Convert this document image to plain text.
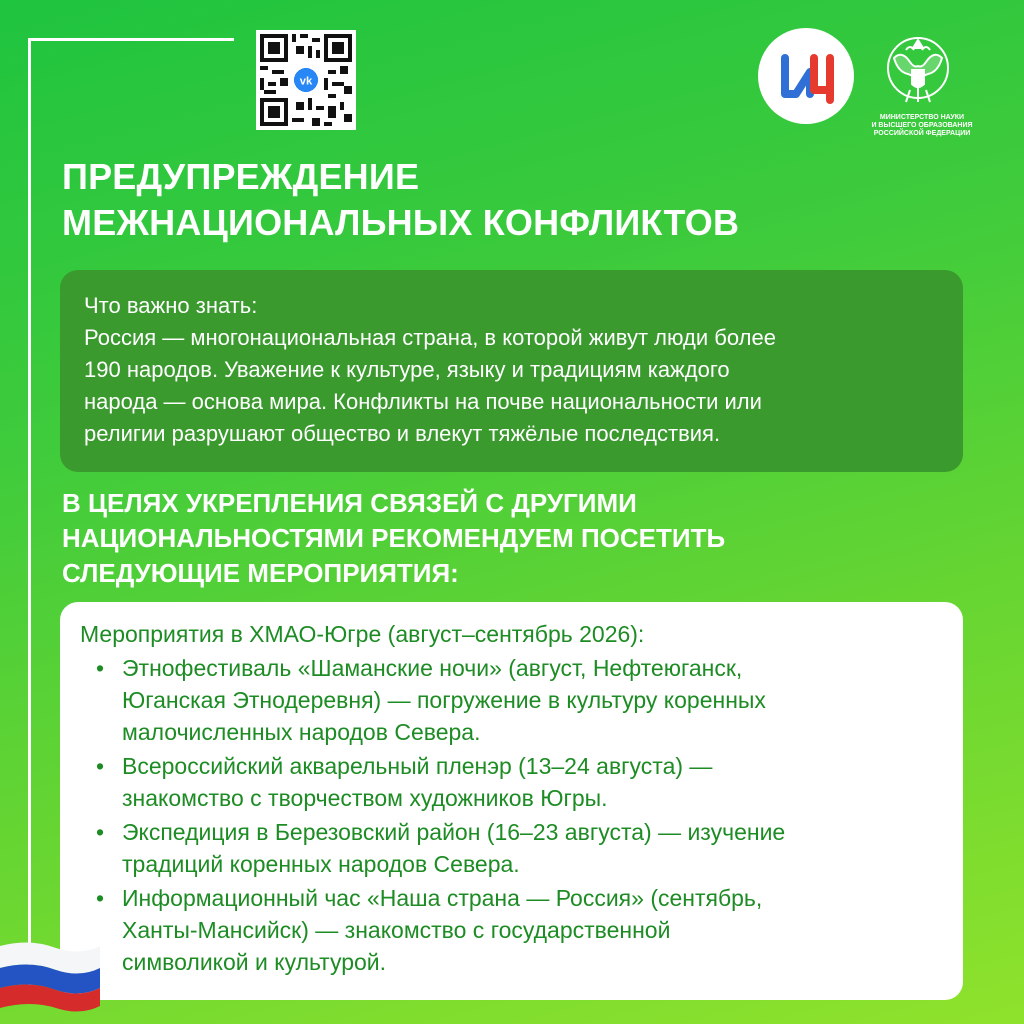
vk
МИНИСТЕРСТВО НАУКИ
И ВЫСШЕГО ОБРАЗОВАНИЯ
РОССИЙСКОЙ ФЕДЕРАЦИИ
ПРЕДУПРЕЖДЕНИЕ
МЕЖНАЦИОНАЛЬНЫХ КОНФЛИКТОВ
Что важно знать:
Россия — многонациональная страна, в которой живут люди более
190 народов. Уважение к культуре, языку и традициям каждого
народа — основа мира. Конфликты на почве национальности или
религии разрушают общество и влекут тяжёлые последствия.
В ЦЕЛЯХ УКРЕПЛЕНИЯ СВЯЗЕЙ С ДРУГИМИ
НАЦИОНАЛЬНОСТЯМИ РЕКОМЕНДУЕМ ПОСЕТИТЬ
СЛЕДУЮЩИЕ МЕРОПРИЯТИЯ:
Мероприятия в ХМАО-Югре (август–сентябрь 2026):
• Этнофестиваль «Шаманские ночи» (август, Нефтеюганск,
Юганская Этнодеревня) — погружение в культуру коренных
малочисленных народов Севера.
• Всероссийский акварельный пленэр (13–24 августа) —
знакомство с творчеством художников Югры.
• Экспедиция в Березовский район (16–23 августа) — изучение
традиций коренных народов Севера.
• Информационный час «Наша страна — Россия» (сентябрь,
Ханты-Мансийск) — знакомство с государственной
символикой и культурой.
